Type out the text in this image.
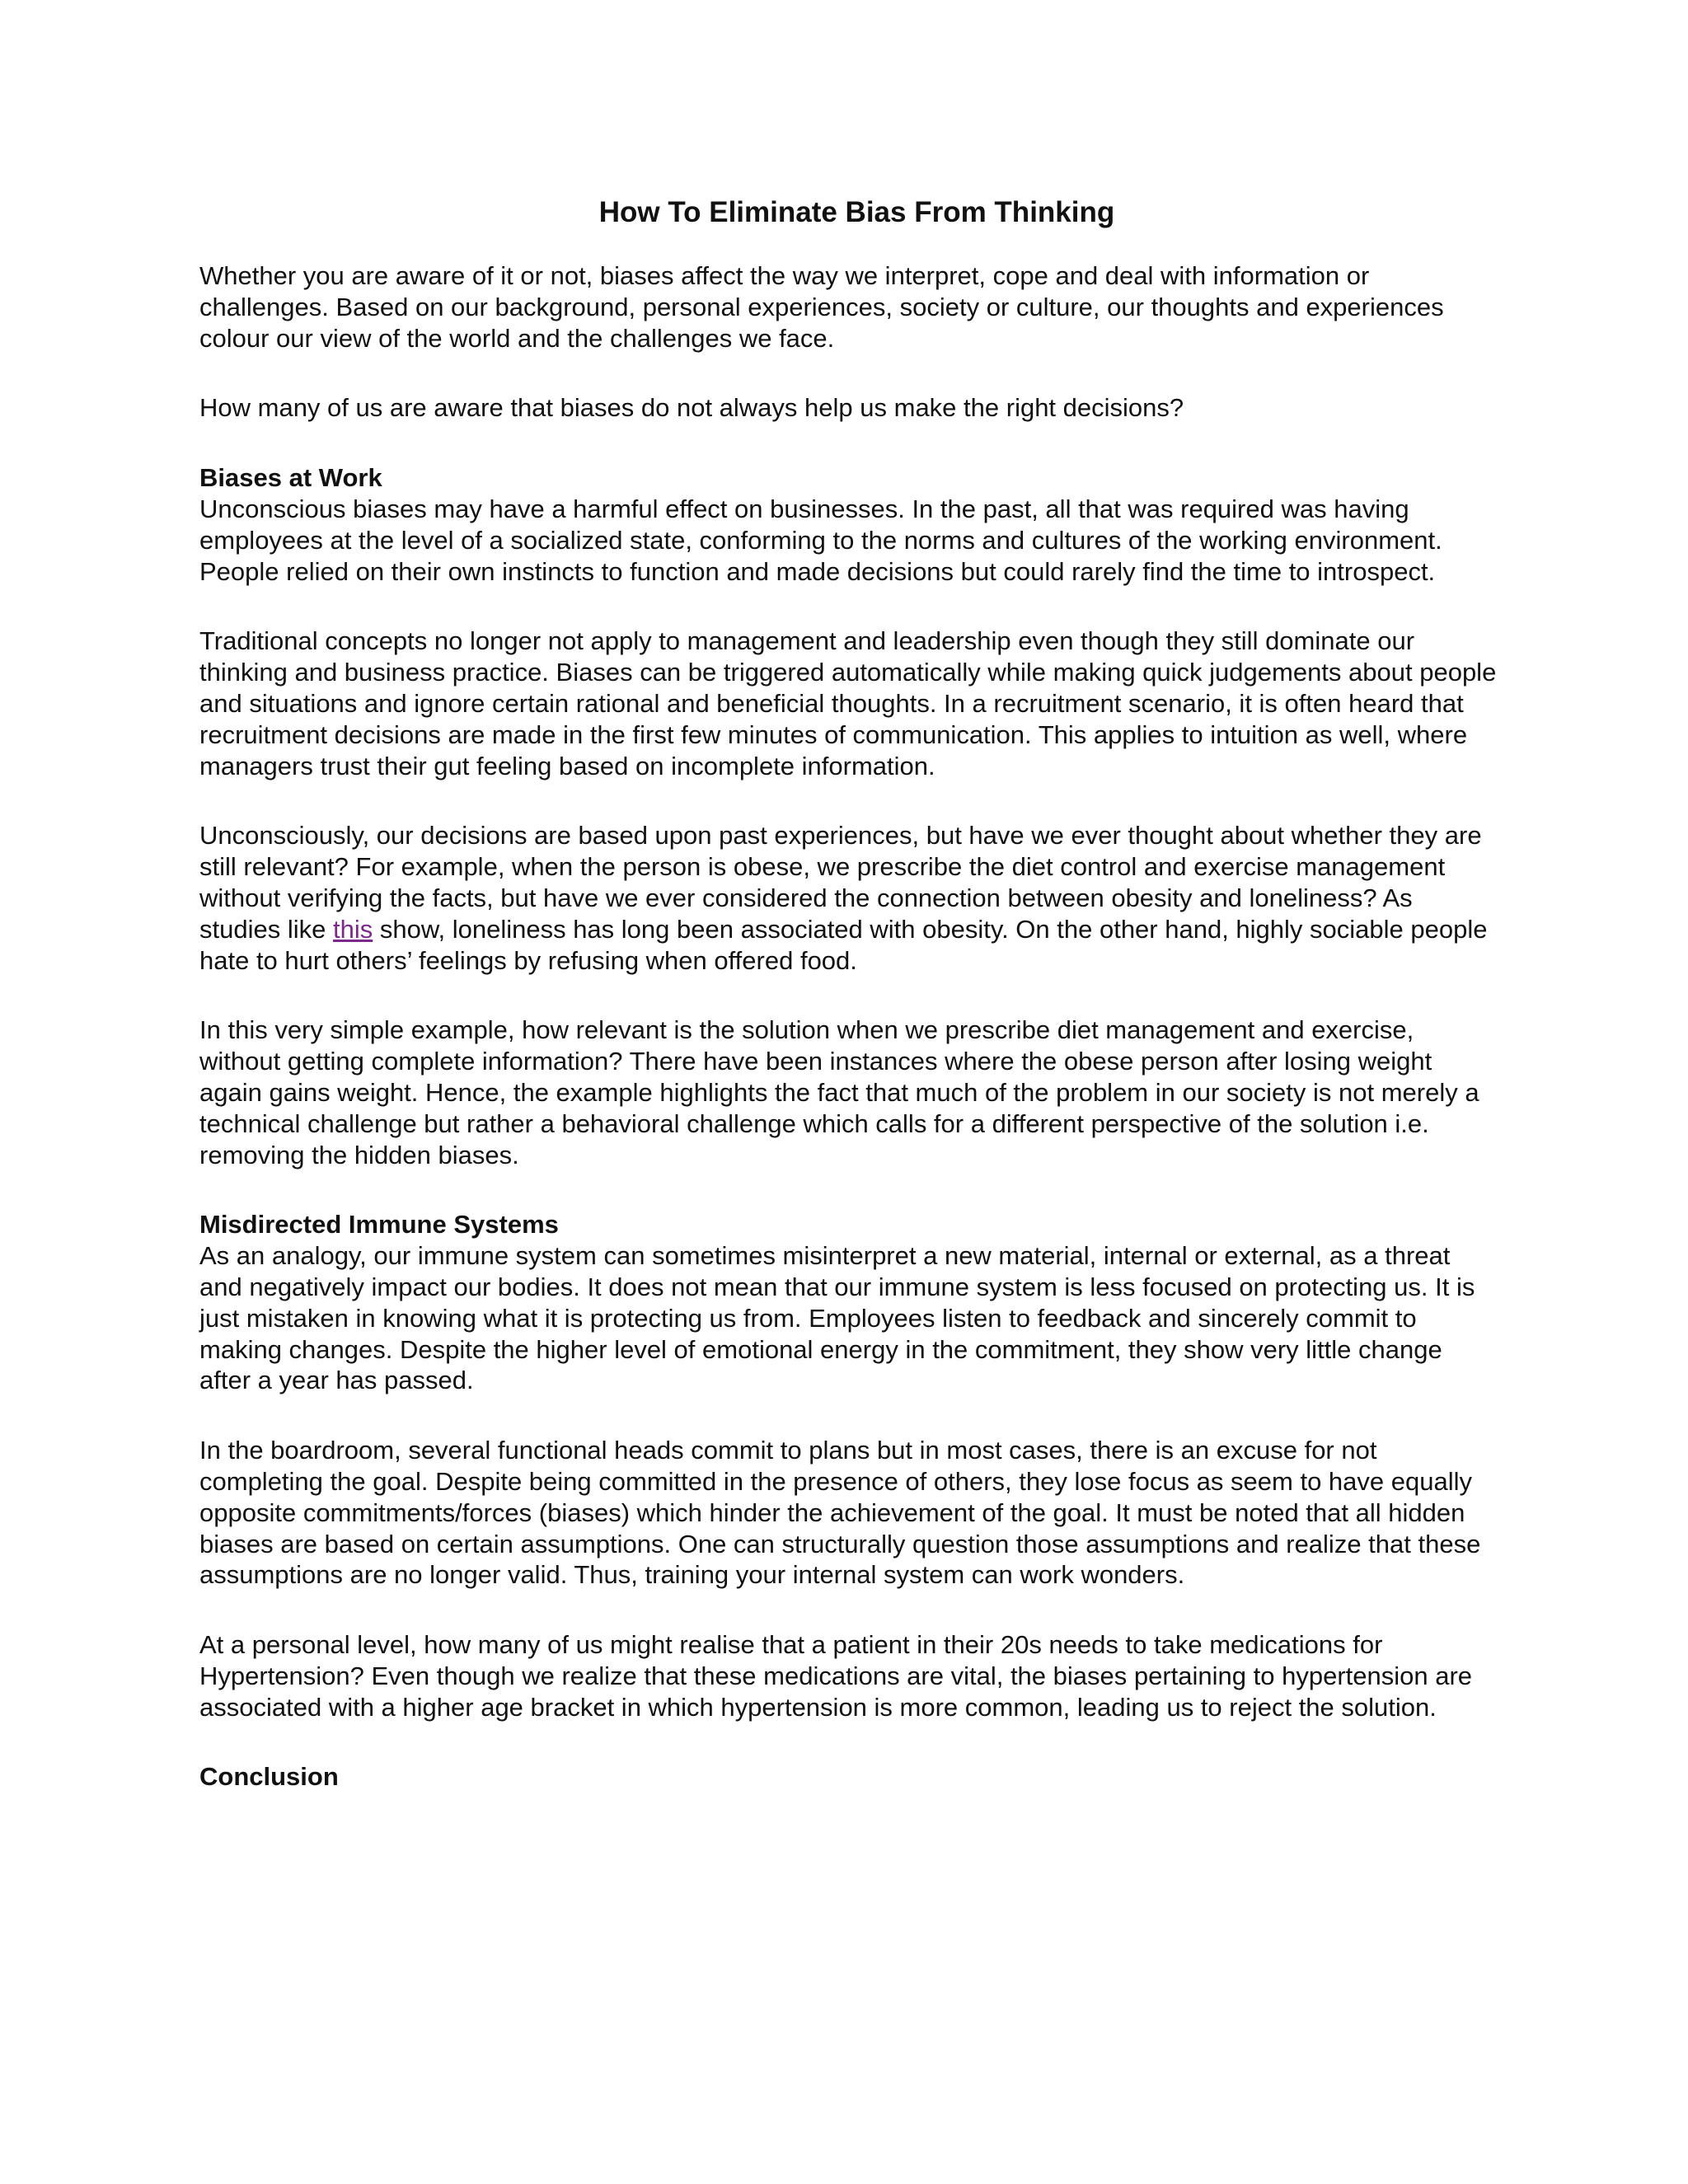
How To Eliminate Bias From Thinking

Whether you are aware of it or not, biases affect the way we interpret, cope and deal with information or challenges. Based on our background, personal experiences, society or culture, our thoughts and experiences colour our view of the world and the challenges we face.

How many of us are aware that biases do not always help us make the right decisions?

Biases at Work
Unconscious biases may have a harmful effect on businesses. In the past, all that was required was having employees at the level of a socialized state, conforming to the norms and cultures of the working environment. People relied on their own instincts to function and made decisions but could rarely find the time to introspect.

Traditional concepts no longer not apply to management and leadership even though they still dominate our thinking and business practice. Biases can be triggered automatically while making quick judgements about people and situations and ignore certain rational and beneficial thoughts. In a recruitment scenario, it is often heard that recruitment decisions are made in the first few minutes of communication. This applies to intuition as well, where managers trust their gut feeling based on incomplete information.

Unconsciously, our decisions are based upon past experiences, but have we ever thought about whether they are still relevant? For example, when the person is obese, we prescribe the diet control and exercise management without verifying the facts, but have we ever considered the connection between obesity and loneliness? As studies like this show, loneliness has long been associated with obesity. On the other hand, highly sociable people hate to hurt others’ feelings by refusing when offered food.

In this very simple example, how relevant is the solution when we prescribe diet management and exercise, without getting complete information? There have been instances where the obese person after losing weight again gains weight. Hence, the example highlights the fact that much of the problem in our society is not merely a technical challenge but rather a behavioral challenge which calls for a different perspective of the solution i.e. removing the hidden biases.

Misdirected Immune Systems
As an analogy, our immune system can sometimes misinterpret a new material, internal or external, as a threat and negatively impact our bodies. It does not mean that our immune system is less focused on protecting us. It is just mistaken in knowing what it is protecting us from. Employees listen to feedback and sincerely commit to making changes. Despite the higher level of emotional energy in the commitment, they show very little change after a year has passed.

In the boardroom, several functional heads commit to plans but in most cases, there is an excuse for not completing the goal. Despite being committed in the presence of others, they lose focus as seem to have equally opposite commitments/forces (biases) which hinder the achievement of the goal. It must be noted that all hidden biases are based on certain assumptions. One can structurally question those assumptions and realize that these assumptions are no longer valid. Thus, training your internal system can work wonders.

At a personal level, how many of us might realise that a patient in their 20s needs to take medications for Hypertension? Even though we realize that these medications are vital, the biases pertaining to hypertension are associated with a higher age bracket in which hypertension is more common, leading us to reject the solution.

Conclusion
